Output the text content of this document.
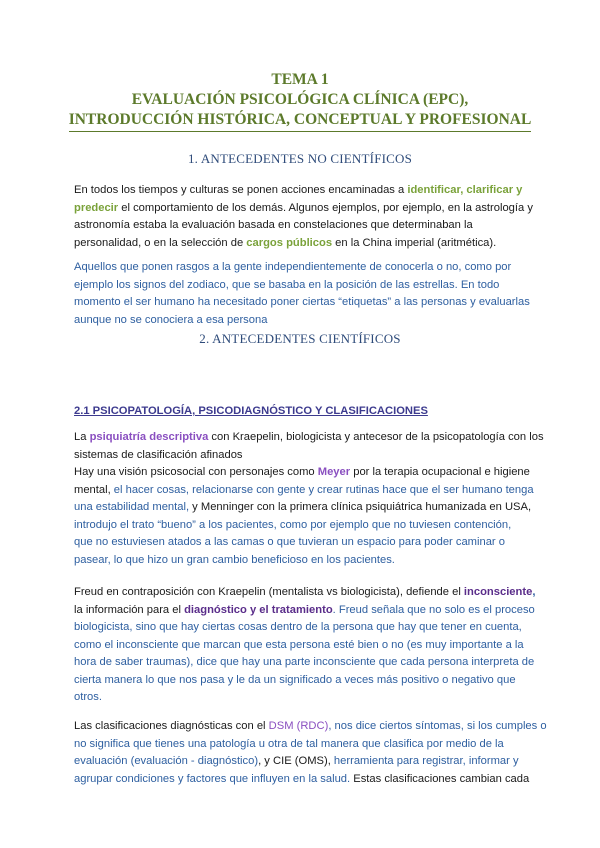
TEMA 1
EVALUACIÓN PSICOLÓGICA CLÍNICA (EPC),
INTRODUCCIÓN HISTÓRICA, CONCEPTUAL Y PROFESIONAL
1. ANTECEDENTES NO CIENTÍFICOS
En todos los tiempos y culturas se ponen acciones encaminadas a identificar, clarificar y
predecir el comportamiento de los demás. Algunos ejemplos, por ejemplo, en la astrología y
astronomía estaba la evaluación basada en constelaciones que determinaban la
personalidad, o en la selección de cargos públicos en la China imperial (aritmética).
Aquellos que ponen rasgos a la gente independientemente de conocerla o no, como por
ejemplo los signos del zodiaco, que se basaba en la posición de las estrellas. En todo
momento el ser humano ha necesitado poner ciertas “etiquetas” a las personas y evaluarlas
aunque no se conociera a esa persona
2. ANTECEDENTES CIENTÍFICOS
2.1 PSICOPATOLOGÍA, PSICODIAGNÓSTICO Y CLASIFICACIONES
La psiquiatría descriptiva con Kraepelin, biologicista y antecesor de la psicopatología con los
sistemas de clasificación afinados
Hay una visión psicosocial con personajes como Meyer por la terapia ocupacional e higiene
mental, el hacer cosas, relacionarse con gente y crear rutinas hace que el ser humano tenga
una estabilidad mental, y Menninger con la primera clínica psiquiátrica humanizada en USA,
introdujo el trato “bueno” a los pacientes, como por ejemplo que no tuviesen contención,
que no estuviesen atados a las camas o que tuvieran un espacio para poder caminar o
pasear, lo que hizo un gran cambio beneficioso en los pacientes.
Freud en contraposición con Kraepelin (mentalista vs biologicista), defiende el inconsciente,
la información para el diagnóstico y el tratamiento. Freud señala que no solo es el proceso
biologicista, sino que hay ciertas cosas dentro de la persona que hay que tener en cuenta,
como el inconsciente que marcan que esta persona esté bien o no (es muy importante a la
hora de saber traumas), dice que hay una parte inconsciente que cada persona interpreta de
cierta manera lo que nos pasa y le da un significado a veces más positivo o negativo que
otros.
Las clasificaciones diagnósticas con el DSM (RDC), nos dice ciertos síntomas, si los cumples o
no significa que tienes una patología u otra de tal manera que clasifica por medio de la
evaluación (evaluación - diagnóstico), y CIE (OMS), herramienta para registrar, informar y
agrupar condiciones y factores que influyen en la salud. Estas clasificaciones cambian cada
